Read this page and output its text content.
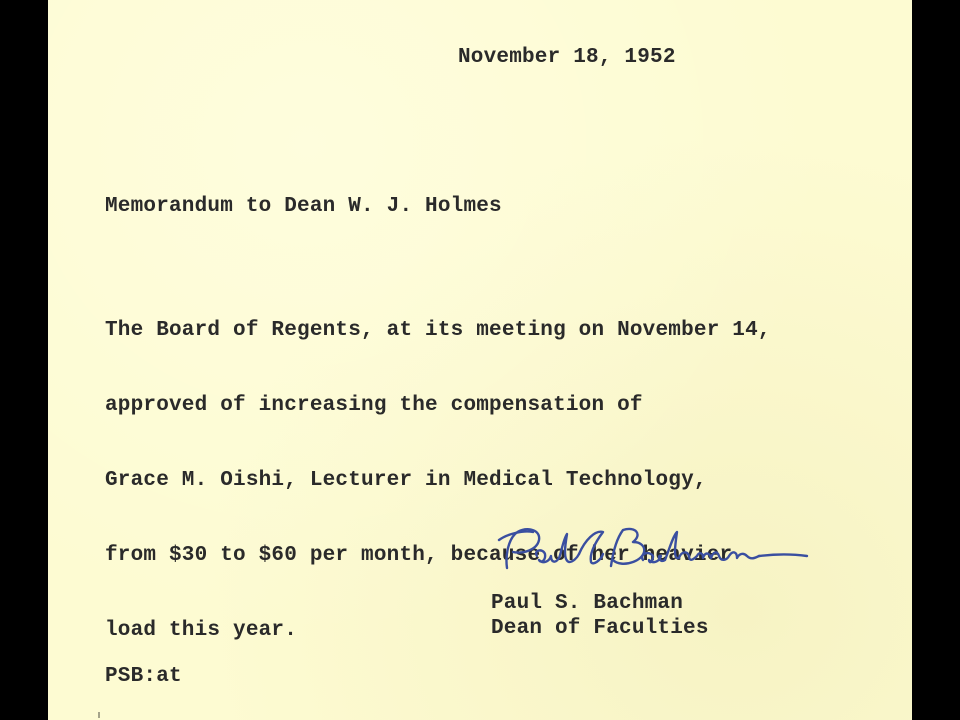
November 18, 1952

Memorandum to Dean W. J. Holmes

The Board of Regents, at its meeting on November 14,

approved of increasing the compensation of

Grace M. Oishi, Lecturer in Medical Technology,

from $30 to $60 per month, because of her heavier

load this year.

Paul S. Bachman

Dean of Faculties

PSB:at
